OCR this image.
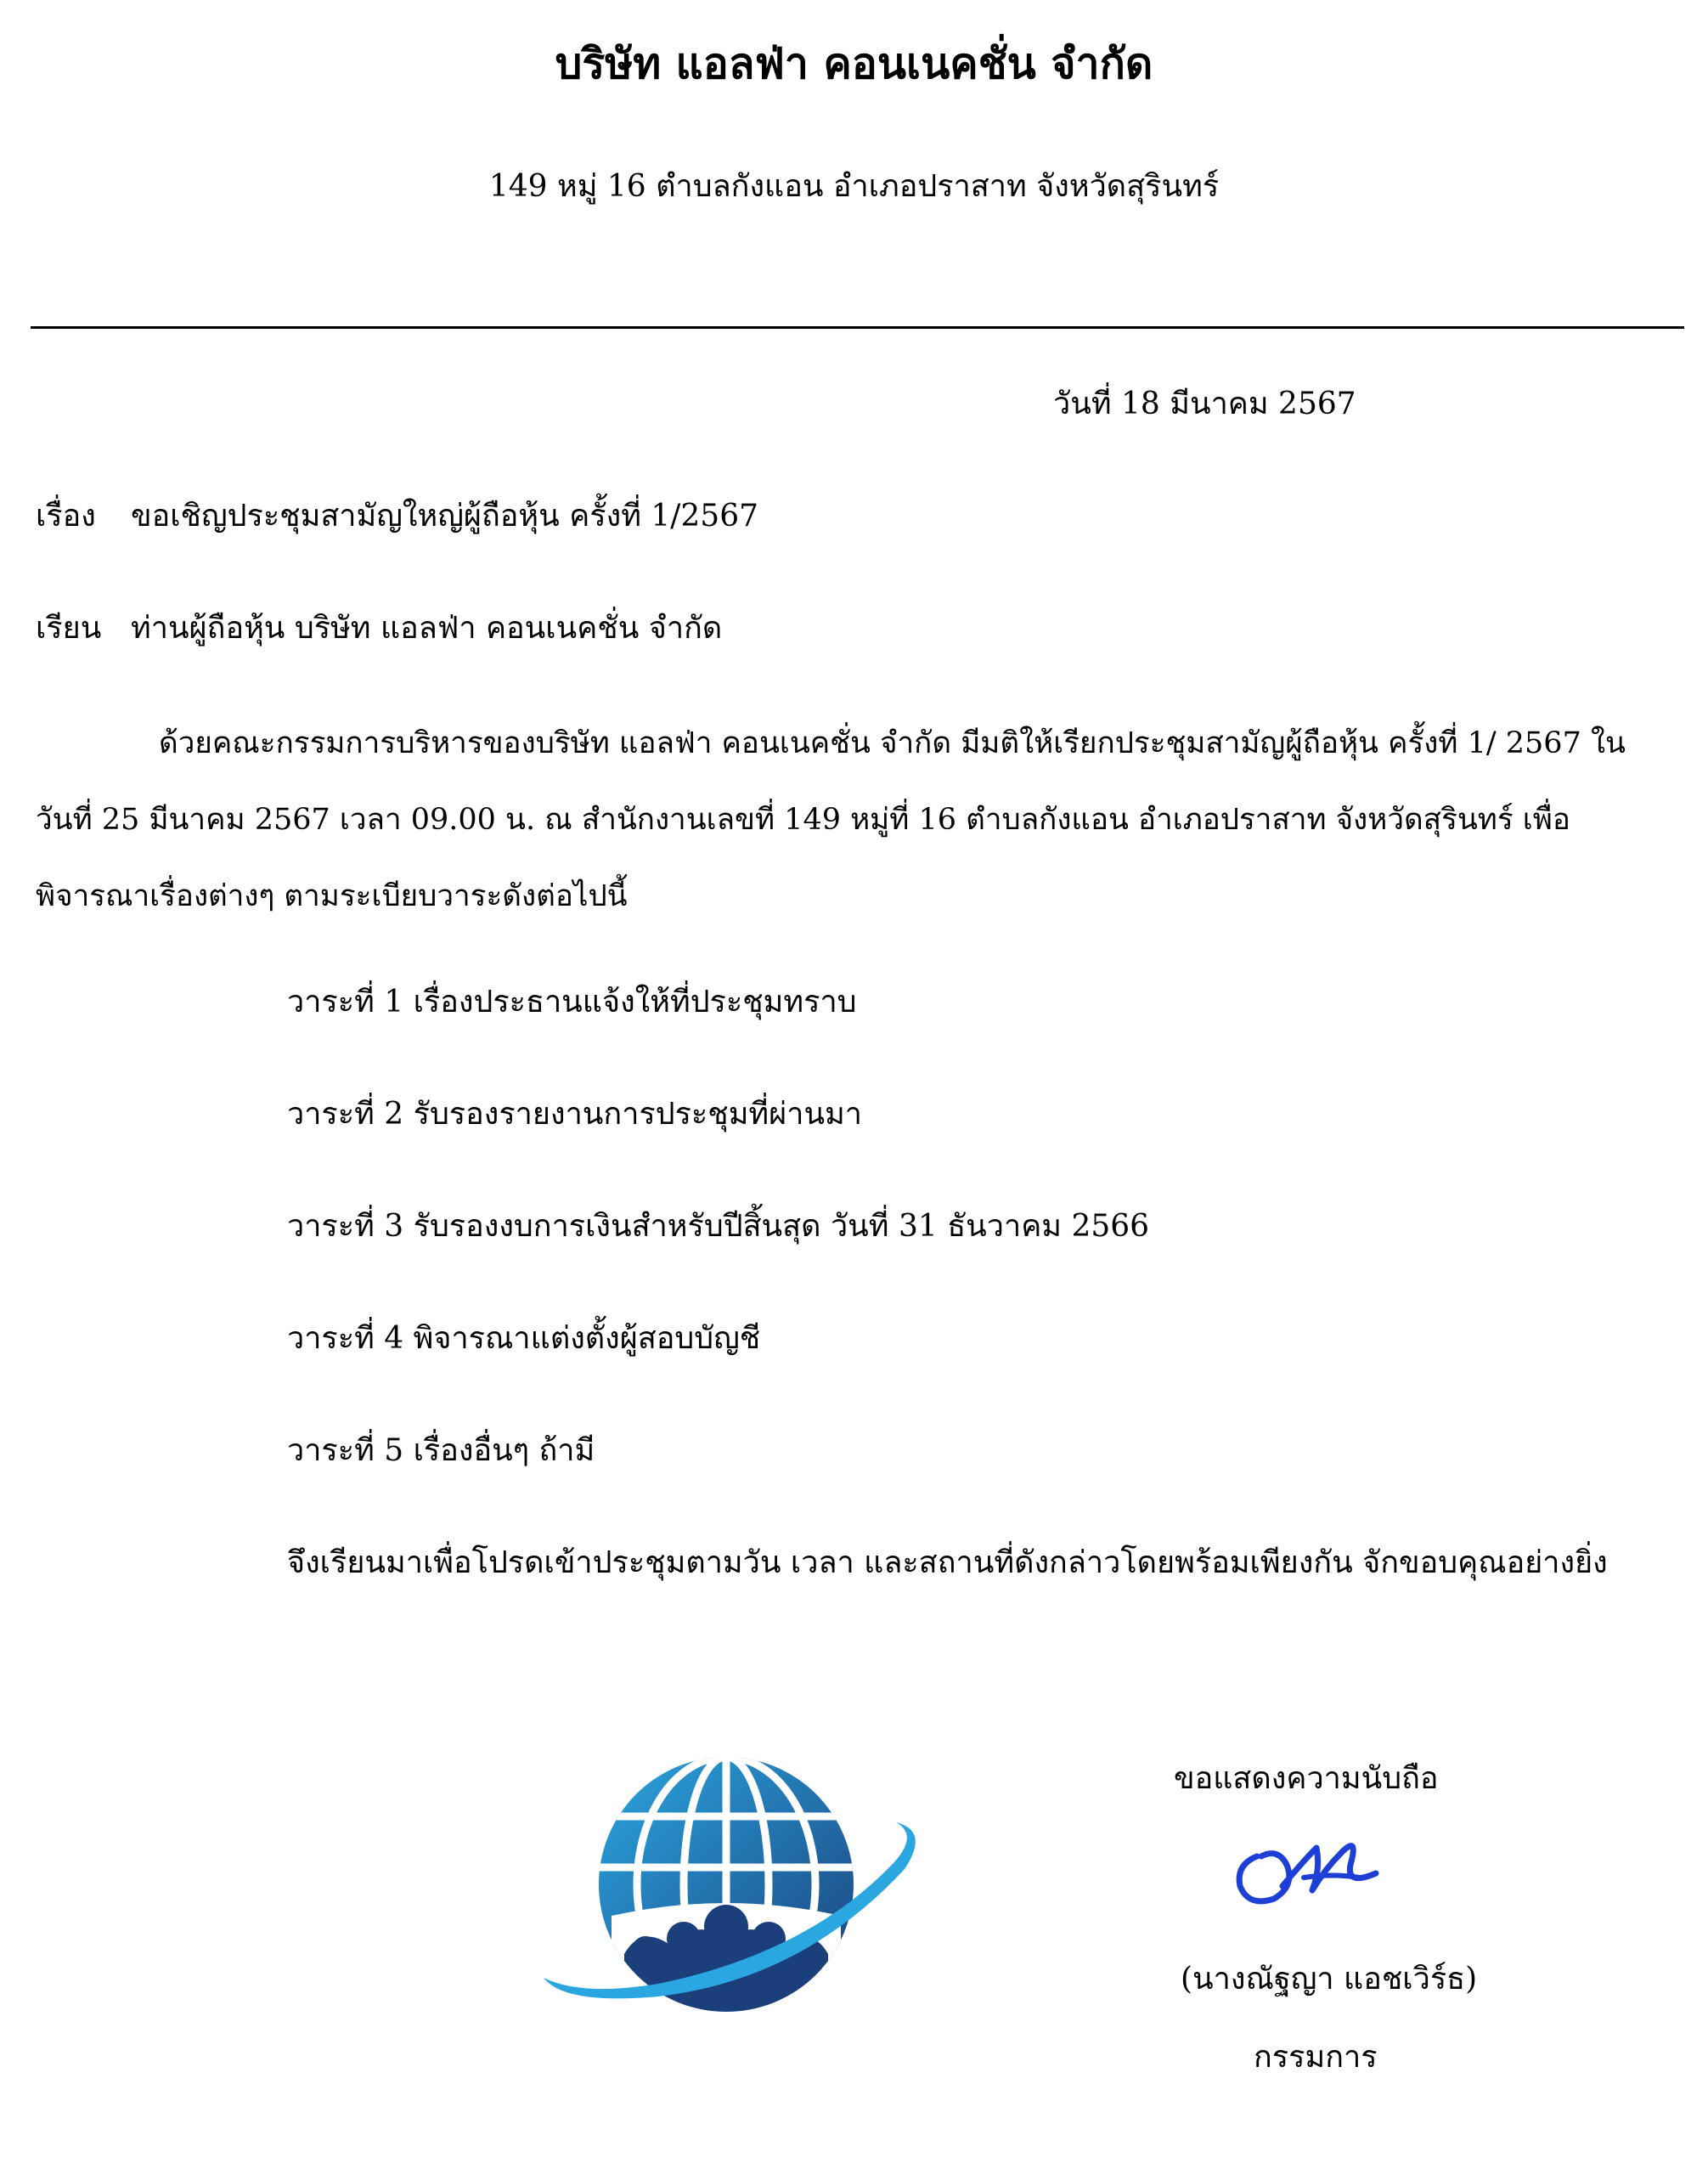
บริษัท แอลฟ่า คอนเนคชั่น จำกัด
149 หมู่ 16 ตำบลกังแอน อำเภอปราสาท จังหวัดสุรินทร์
วันที่ 18 มีนาคม 2567
เรื่อง ขอเชิญประชุมสามัญใหญ่ผู้ถือหุ้น ครั้งที่ 1/2567
เรียน ท่านผู้ถือหุ้น บริษัท แอลฟ่า คอนเนคชั่น จำกัด
ด้วยคณะกรรมการบริหารของบริษัท แอลฟ่า คอนเนคชั่น จำกัด มีมติให้เรียกประชุมสามัญผู้ถือหุ้น ครั้งที่ 1/ 2567 ใน
วันที่ 25 มีนาคม 2567 เวลา 09.00 น. ณ สำนักงานเลขที่ 149 หมู่ที่ 16 ตำบลกังแอน อำเภอปราสาท จังหวัดสุรินทร์ เพื่อ
พิจารณาเรื่องต่างๆ ตามระเบียบวาระดังต่อไปนี้
วาระที่ 1 เรื่องประธานแจ้งให้ที่ประชุมทราบ
วาระที่ 2 รับรองรายงานการประชุมที่ผ่านมา
วาระที่ 3 รับรองงบการเงินสำหรับปีสิ้นสุด วันที่ 31 ธันวาคม 2566
วาระที่ 4 พิจารณาแต่งตั้งผู้สอบบัญชี
วาระที่ 5 เรื่องอื่นๆ ถ้ามี
จึงเรียนมาเพื่อโปรดเข้าประชุมตามวัน เวลา และสถานที่ดังกล่าวโดยพร้อมเพียงกัน จักขอบคุณอย่างยิ่ง
ขอแสดงความนับถือ
(นางณัฐญา แอชเวิร์ธ)
กรรมการ
